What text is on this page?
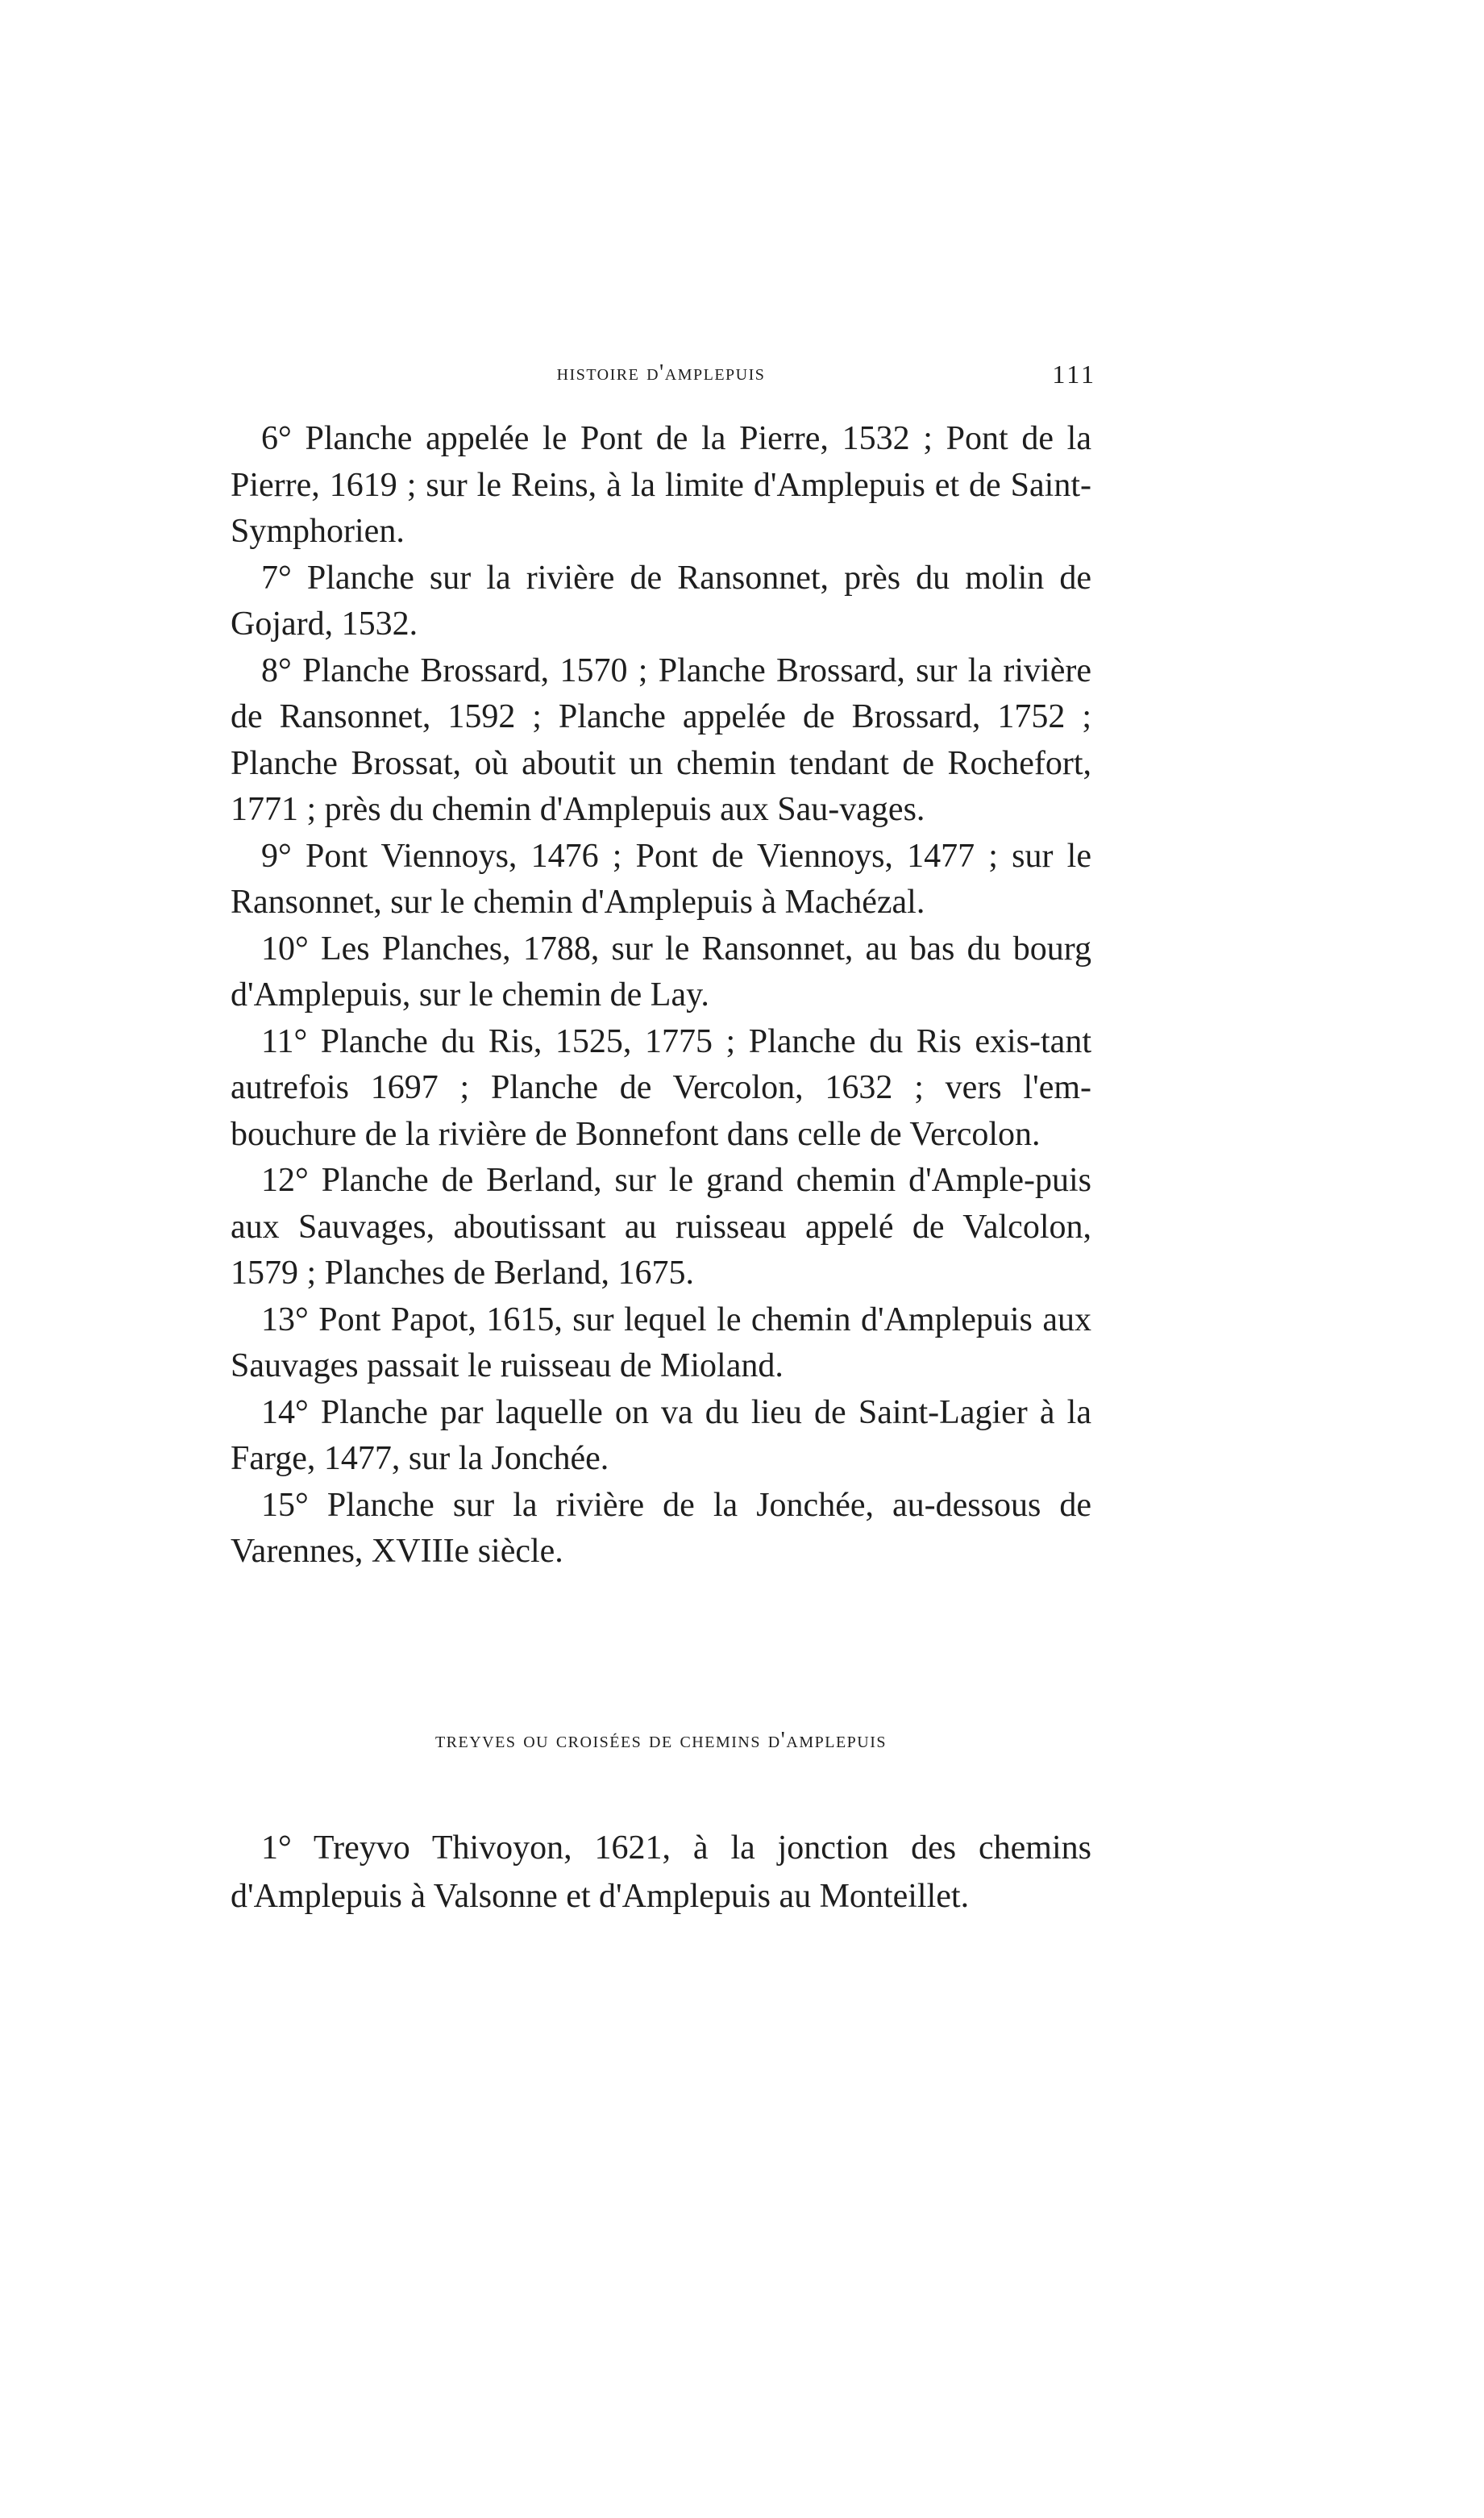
histoire d'amplepuis	111

6° Planche appelée le Pont de la Pierre, 1532 ; Pont de la Pierre, 1619 ; sur le Reins, à la limite d'Amplepuis et de Saint-Symphorien.

7° Planche sur la rivière de Ransonnet, près du molin de Gojard, 1532.

8° Planche Brossard, 1570 ; Planche Brossard, sur la rivière de Ransonnet, 1592 ; Planche appelée de Brossard, 1752 ; Planche Brossat, où aboutit un chemin tendant de Rochefort, 1771 ; près du chemin d'Amplepuis aux Sau-vages.

9° Pont Viennoys, 1476 ; Pont de Viennoys, 1477 ; sur le Ransonnet, sur le chemin d'Amplepuis à Machézal.

10° Les Planches, 1788, sur le Ransonnet, au bas du bourg d'Amplepuis, sur le chemin de Lay.

11° Planche du Ris, 1525, 1775 ; Planche du Ris exis-tant autrefois 1697 ; Planche de Vercolon, 1632 ; vers l'em-bouchure de la rivière de Bonnefont dans celle de Vercolon.

12° Planche de Berland, sur le grand chemin d'Ample-puis aux Sauvages, aboutissant au ruisseau appelé de Valcolon, 1579 ; Planches de Berland, 1675.

13° Pont Papot, 1615, sur lequel le chemin d'Amplepuis aux Sauvages passait le ruisseau de Mioland.

14° Planche par laquelle on va du lieu de Saint-Lagier à la Farge, 1477, sur la Jonchée.

15° Planche sur la rivière de la Jonchée, au-dessous de Varennes, XVIIIe siècle.

treyves ou croisées de chemins d'amplepuis

1° Treyvo Thivoyon, 1621, à la jonction des chemins d'Amplepuis à Valsonne et d'Amplepuis au Monteillet.
